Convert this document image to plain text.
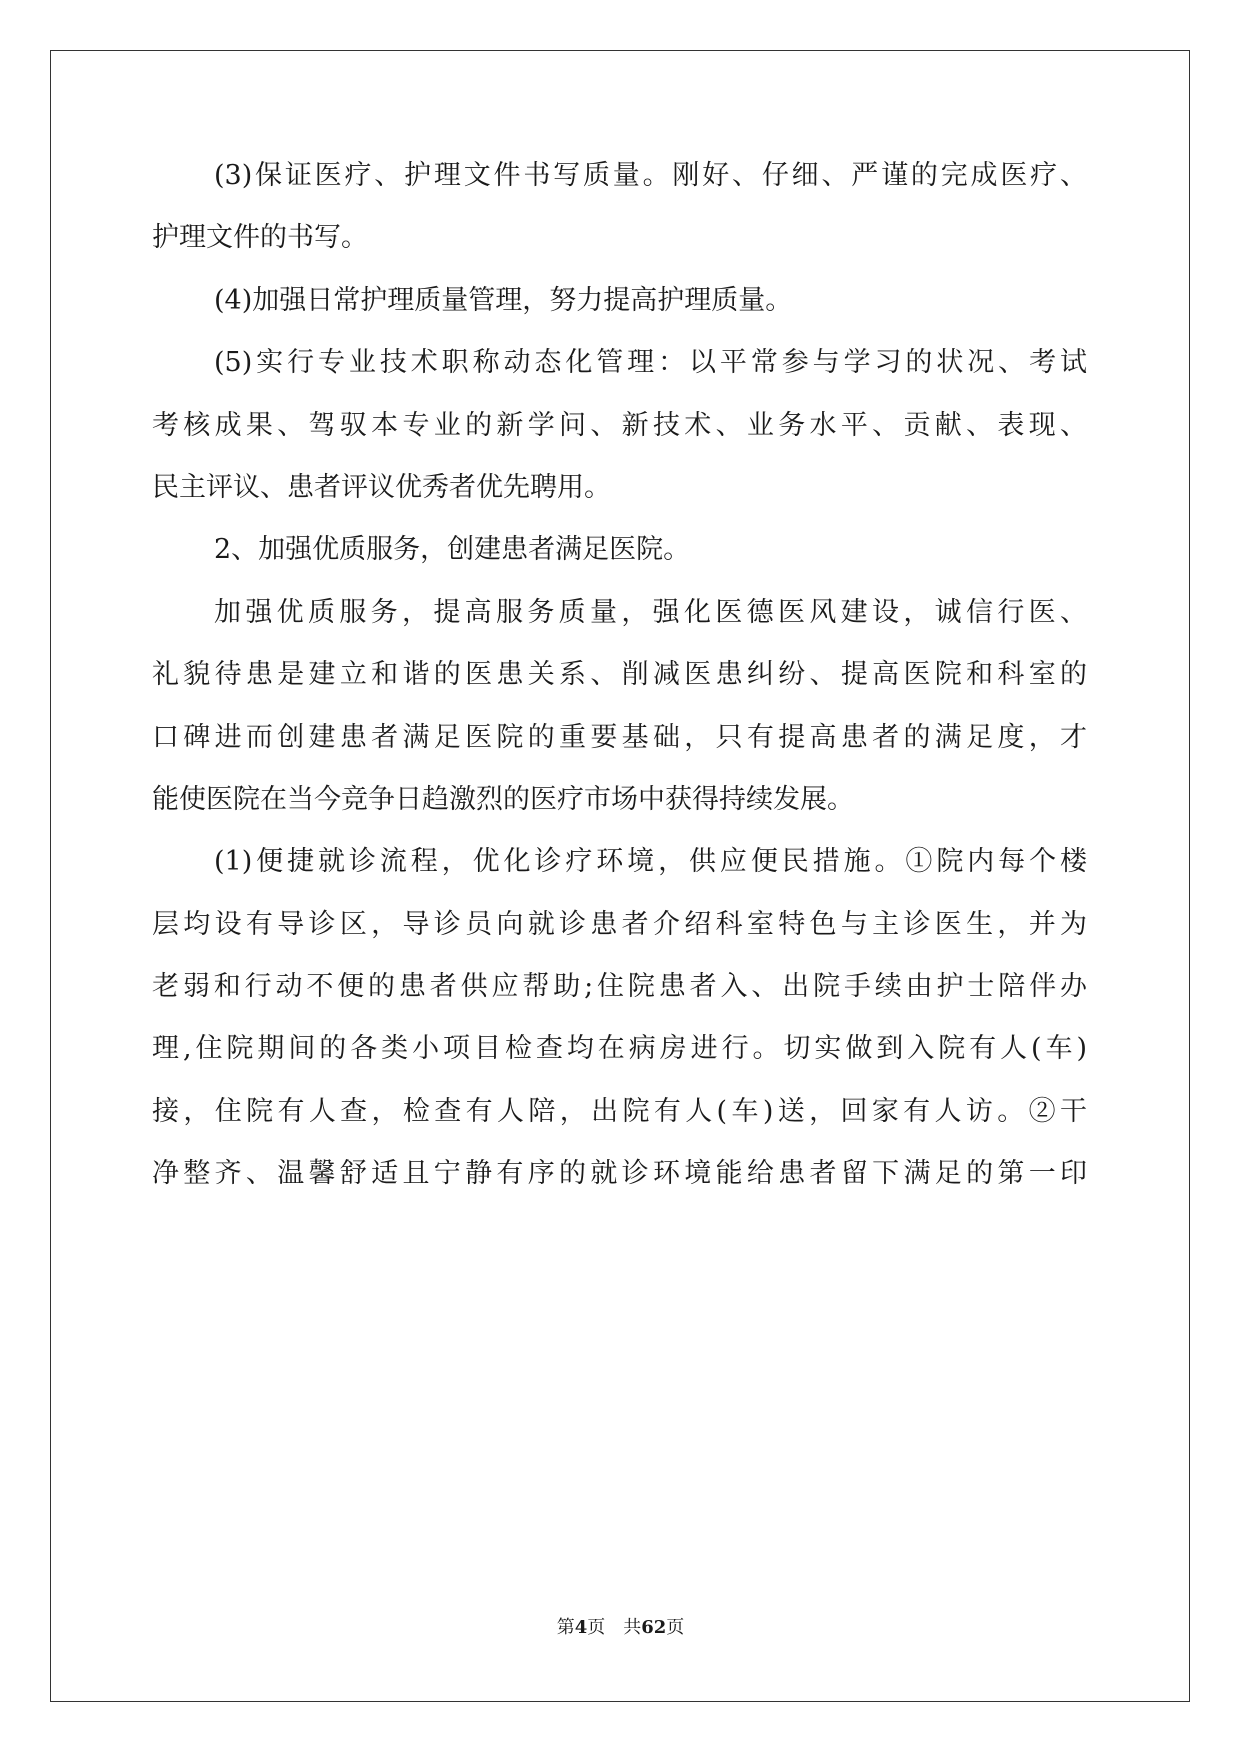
(3)保证医疗、护理文件书写质量。刚好、仔细、严谨的完成医疗、
护理文件的书写。
(4)加强日常护理质量管理，努力提高护理质量。
(5)实行专业技术职称动态化管理：以平常参与学习的状况、考试
考核成果、驾驭本专业的新学问、新技术、业务水平、贡献、表现、
民主评议、患者评议优秀者优先聘用。
2、加强优质服务，创建患者满足医院。
加强优质服务，提高服务质量，强化医德医风建设，诚信行医、
礼貌待患是建立和谐的医患关系、削减医患纠纷、提高医院和科室的
口碑进而创建患者满足医院的重要基础，只有提高患者的满足度，才
能使医院在当今竞争日趋激烈的医疗市场中获得持续发展。
(1)便捷就诊流程，优化诊疗环境，供应便民措施。①院内每个楼
层均设有导诊区，导诊员向就诊患者介绍科室特色与主诊医生，并为
老弱和行动不便的患者供应帮助;住院患者入、出院手续由护士陪伴办
理,住院期间的各类小项目检查均在病房进行。切实做到入院有人(车)
接，住院有人查，检查有人陪，出院有人(车)送，回家有人访。②干
净整齐、温馨舒适且宁静有序的就诊环境能给患者留下满足的第一印
第4页 共62页
